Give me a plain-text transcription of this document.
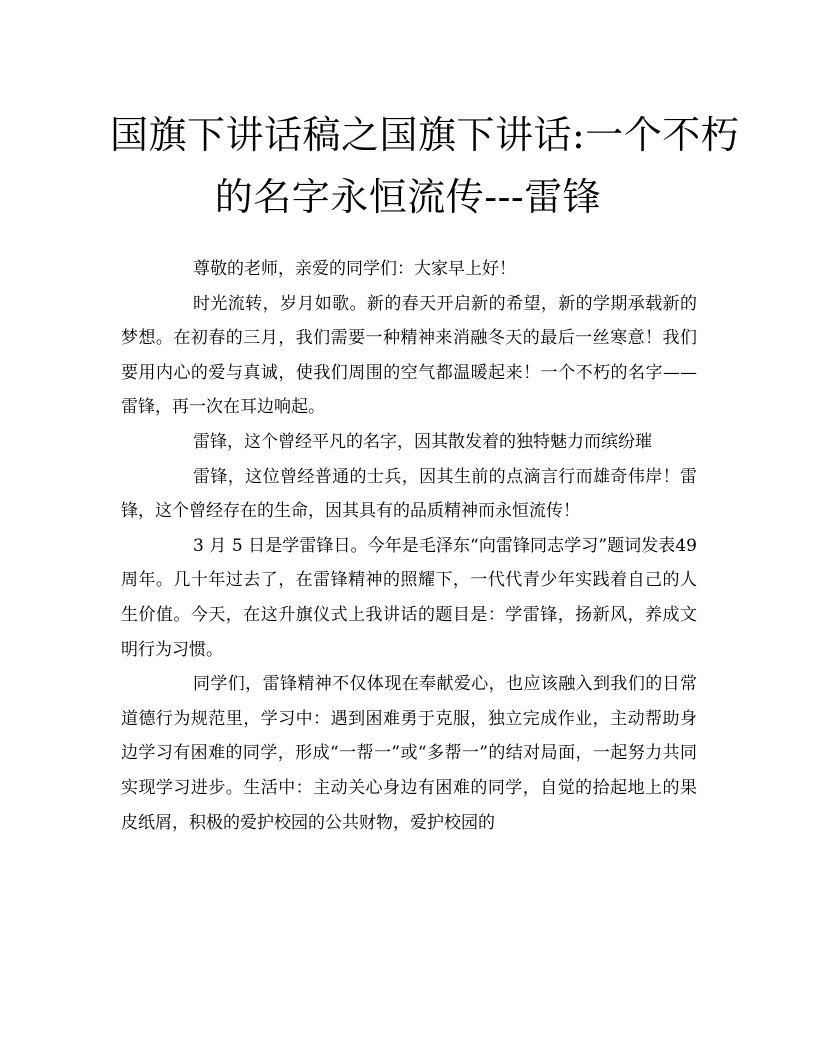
国旗下讲话稿之国旗下讲话:一个不朽
的名字永恒流传---雷锋

尊敬的老师，亲爱的同学们：大家早上好！

时光流转，岁月如歌。新的春天开启新的希望，新的学期承载新的梦想。在初春的三月，我们需要一种精神来消融冬天的最后一丝寒意！我们要用内心的爱与真诚，使我们周围的空气都温暖起来！一个不朽的名字——雷锋，再一次在耳边响起。

雷锋，这个曾经平凡的名字，因其散发着的独特魅力而缤纷璀

雷锋，这位曾经普通的士兵，因其生前的点滴言行而雄奇伟岸！雷锋，这个曾经存在的生命，因其具有的品质精神而永恒流传！

3 月 5 日是学雷锋日。今年是毛泽东“向雷锋同志学习”题词发表49 周年。几十年过去了，在雷锋精神的照耀下，一代代青少年实践着自己的人生价值。今天，在这升旗仪式上我讲话的题目是：学雷锋，扬新风，养成文明行为习惯。

同学们，雷锋精神不仅体现在奉献爱心，也应该融入到我们的日常道德行为规范里，学习中：遇到困难勇于克服，独立完成作业，主动帮助身边学习有困难的同学，形成“一帮一”或“多帮一”的结对局面，一起努力共同实现学习进步。生活中：主动关心身边有困难的同学，自觉的拾起地上的果皮纸屑，积极的爱护校园的公共财物，爱护校园的
